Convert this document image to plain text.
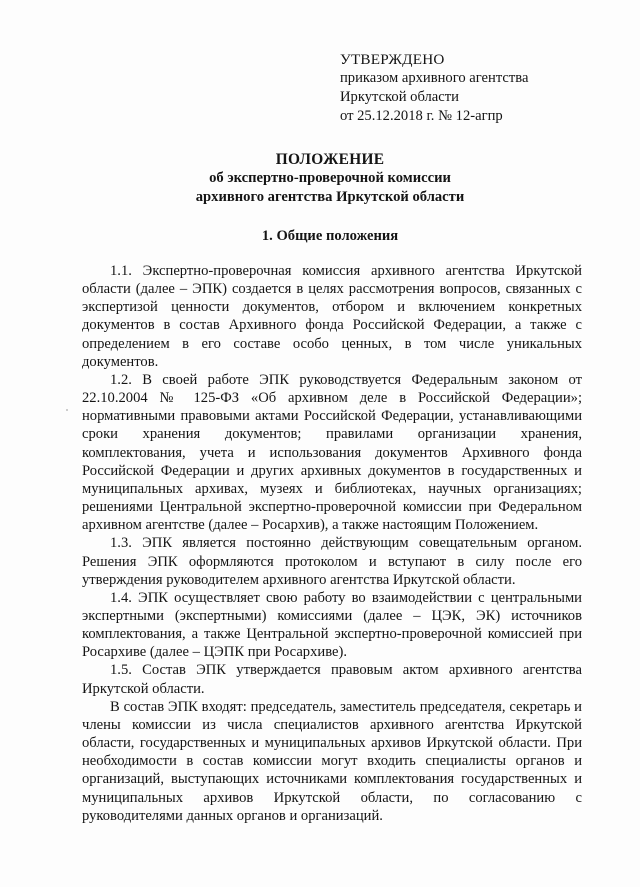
УТВЕРЖДЕНО
приказом архивного агентства
Иркутской области
от 25.12.2018 г. № 12-агпр
ПОЛОЖЕНИЕ
об экспертно-проверочной комиссии
архивного агентства Иркутской области
1. Общие положения

1.1. Экспертно-проверочная комиссия архивного агентства Иркутской области (далее – ЭПК) создается в целях рассмотрения вопросов, связанных с экспертизой ценности документов, отбором и включением конкретных документов в состав Архивного фонда Российской Федерации, а также с определением в его составе особо ценных, в том числе уникальных документов.

1.2. В своей работе ЭПК руководствуется Федеральным законом от 22.10.2004 № 125-ФЗ «Об архивном деле в Российской Федерации»; нормативными правовыми актами Российской Федерации, устанавливающими сроки хранения документов; правилами организации хранения, комплектования, учета и использования документов Архивного фонда Российской Федерации и других архивных документов в государственных и муниципальных архивах, музеях и библиотеках, научных организациях; решениями Центральной экспертно-проверочной комиссии при Федеральном архивном агентстве (далее – Росархив), а также настоящим Положением.

1.3. ЭПК является постоянно действующим совещательным органом. Решения ЭПК оформляются протоколом и вступают в силу после его утверждения руководителем архивного агентства Иркутской области.

1.4. ЭПК осуществляет свою работу во взаимодействии с центральными экспертными (экспертными) комиссиями (далее – ЦЭК, ЭК) источников комплектования, а также Центральной экспертно-проверочной комиссией при Росархиве (далее – ЦЭПК при Росархиве).

1.5. Состав ЭПК утверждается правовым актом архивного агентства Иркутской области.

В состав ЭПК входят: председатель, заместитель председателя, секретарь и члены комиссии из числа специалистов архивного агентства Иркутской области, государственных и муниципальных архивов Иркутской области. При необходимости в состав комиссии могут входить специалисты органов и организаций, выступающих источниками комплектования государственных и муниципальных архивов Иркутской области, по согласованию с руководителями данных органов и организаций.
